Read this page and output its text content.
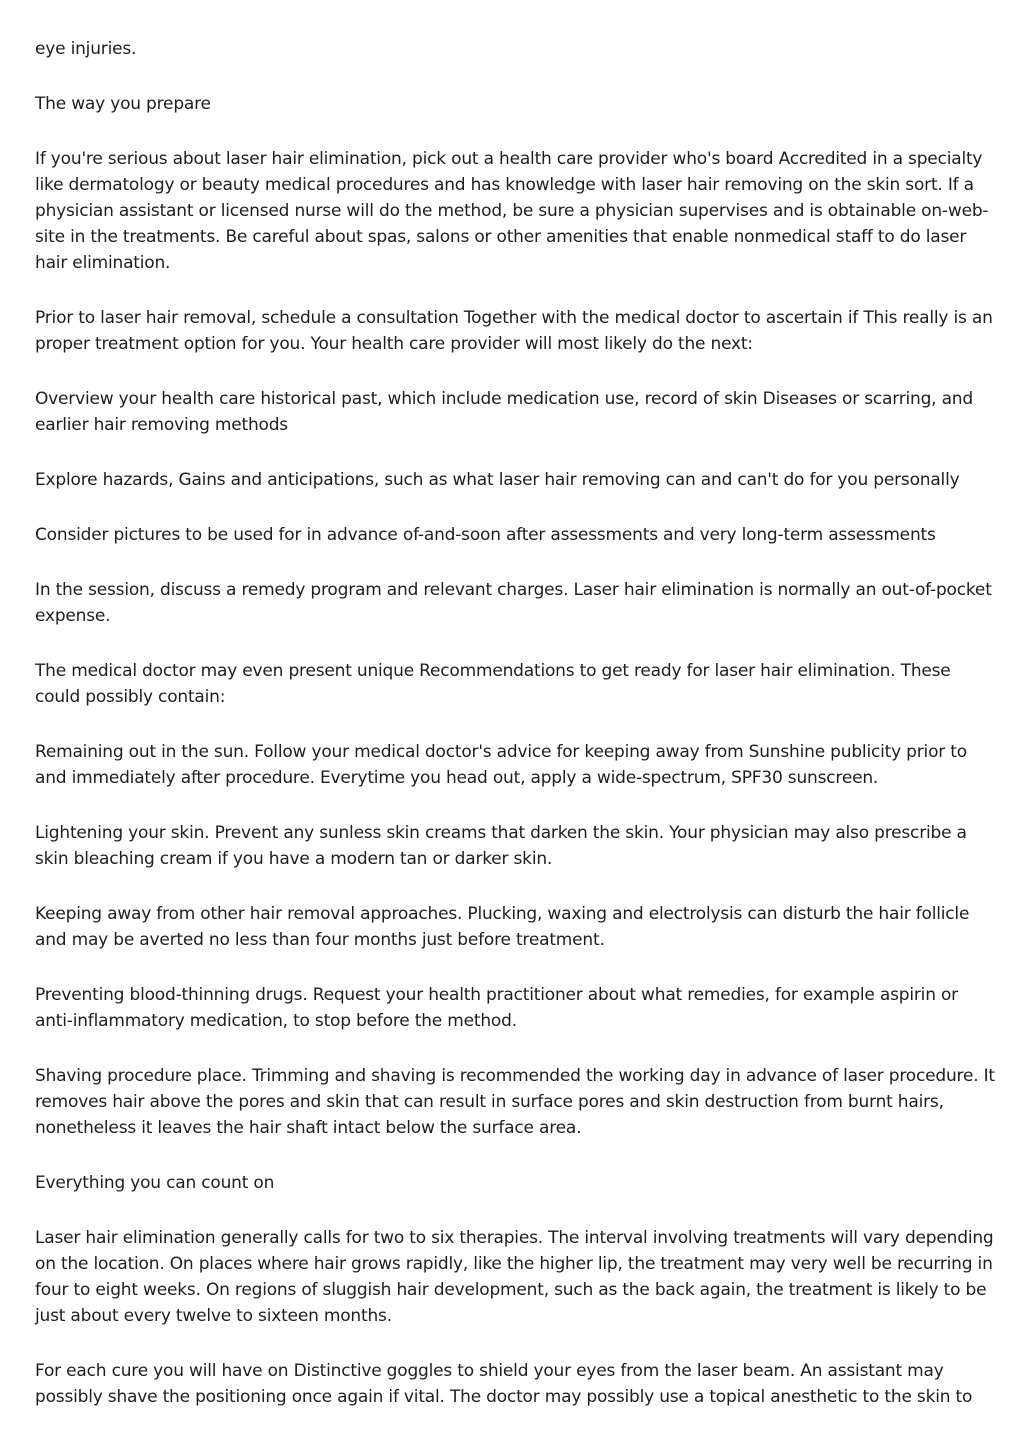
eye injuries.

The way you prepare

If you're serious about laser hair elimination, pick out a health care provider who's board Accredited in a specialty like dermatology or beauty medical procedures and has knowledge with laser hair removing on the skin sort. If a physician assistant or licensed nurse will do the method, be sure a physician supervises and is obtainable on-web-site in the treatments. Be careful about spas, salons or other amenities that enable nonmedical staff to do laser hair elimination.

Prior to laser hair removal, schedule a consultation Together with the medical doctor to ascertain if This really is an proper treatment option for you. Your health care provider will most likely do the next:

Overview your health care historical past, which include medication use, record of skin Diseases or scarring, and earlier hair removing methods

Explore hazards, Gains and anticipations, such as what laser hair removing can and can't do for you personally

Consider pictures to be used for in advance of-and-soon after assessments and very long-term assessments

In the session, discuss a remedy program and relevant charges. Laser hair elimination is normally an out-of-pocket expense.

The medical doctor may even present unique Recommendations to get ready for laser hair elimination. These could possibly contain:

Remaining out in the sun. Follow your medical doctor's advice for keeping away from Sunshine publicity prior to and immediately after procedure. Everytime you head out, apply a wide-spectrum, SPF30 sunscreen.

Lightening your skin. Prevent any sunless skin creams that darken the skin. Your physician may also prescribe a skin bleaching cream if you have a modern tan or darker skin.

Keeping away from other hair removal approaches. Plucking, waxing and electrolysis can disturb the hair follicle and may be averted no less than four months just before treatment.

Preventing blood-thinning drugs. Request your health practitioner about what remedies, for example aspirin or anti-inflammatory medication, to stop before the method.

Shaving procedure place. Trimming and shaving is recommended the working day in advance of laser procedure. It removes hair above the pores and skin that can result in surface pores and skin destruction from burnt hairs, nonetheless it leaves the hair shaft intact below the surface area.

Everything you can count on

Laser hair elimination generally calls for two to six therapies. The interval involving treatments will vary depending on the location. On places where hair grows rapidly, like the higher lip, the treatment may very well be recurring in four to eight weeks. On regions of sluggish hair development, such as the back again, the treatment is likely to be just about every twelve to sixteen months.

For each cure you will have on Distinctive goggles to shield your eyes from the laser beam. An assistant may possibly shave the positioning once again if vital. The doctor may possibly use a topical anesthetic to the skin to
